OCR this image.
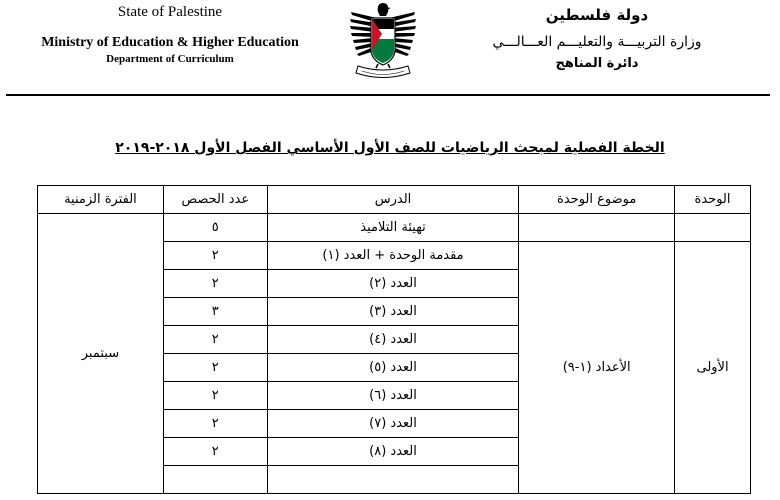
State of Palestine
Ministry of Education & Higher Education
Department of Curriculum
دولة فلسطين
وزارة التربيـــة والتعليـــم العـــالـــي
دائرة المناهج
الخطة الفصلية لمبحث الرياضيات للصف الأول الأساسي الفصل الأول ٢٠١٨-٢٠١٩
الوحدة	موضوع الوحدة	الدرس	عدد الحصص	الفترة الزمنية
		تهيئة التلاميذ	٥	سبتمبر
الأولى	الأعداد (١-٩)	مقدمة الوحدة + العدد (١)	٢	
		العدد (٢)	٢	
		العدد (٣)	٣	
		العدد (٤)	٢	
		العدد (٥)	٢	
		العدد (٦)	٢	
		العدد (٧)	٢	
		العدد (٨)	٢	
